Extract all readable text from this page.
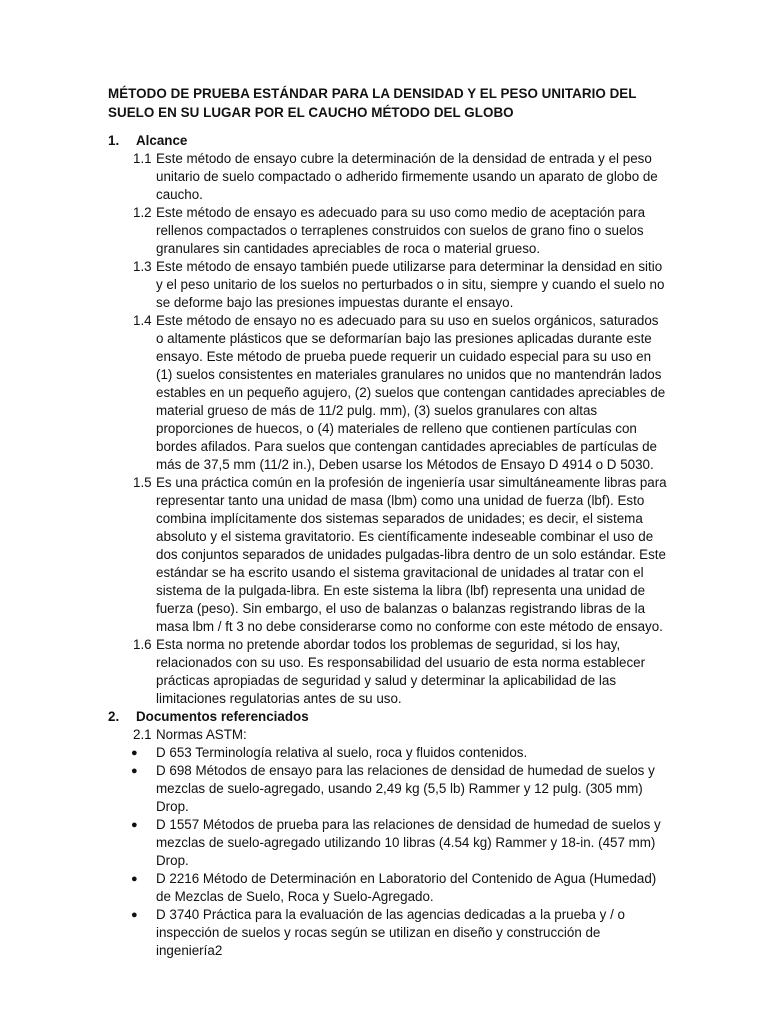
MÉTODO DE PRUEBA ESTÁNDAR PARA LA DENSIDAD Y EL PESO UNITARIO DEL SUELO EN SU LUGAR POR EL CAUCHO MÉTODO DEL GLOBO
1.	Alcance
1.1 Este método de ensayo cubre la determinación de la densidad de entrada y el peso unitario de suelo compactado o adherido firmemente usando un aparato de globo de caucho.
1.2 Este método de ensayo es adecuado para su uso como medio de aceptación para rellenos compactados o terraplenes construidos con suelos de grano fino o suelos granulares sin cantidades apreciables de roca o material grueso.
1.3 Este método de ensayo también puede utilizarse para determinar la densidad en sitio y el peso unitario de los suelos no perturbados o in situ, siempre y cuando el suelo no se deforme bajo las presiones impuestas durante el ensayo.
1.4 Este método de ensayo no es adecuado para su uso en suelos orgánicos, saturados o altamente plásticos que se deformarían bajo las presiones aplicadas durante este ensayo. Este método de prueba puede requerir un cuidado especial para su uso en (1) suelos consistentes en materiales granulares no unidos que no mantendrán lados estables en un pequeño agujero, (2) suelos que contengan cantidades apreciables de material grueso de más de 11/2 pulg. mm), (3) suelos granulares con altas proporciones de huecos, o (4) materiales de relleno que contienen partículas con bordes afilados. Para suelos que contengan cantidades apreciables de partículas de más de 37,5 mm (11/2 in.), Deben usarse los Métodos de Ensayo D 4914 o D 5030.
1.5 Es una práctica común en la profesión de ingeniería usar simultáneamente libras para representar tanto una unidad de masa (lbm) como una unidad de fuerza (lbf). Esto combina implícitamente dos sistemas separados de unidades; es decir, el sistema absoluto y el sistema gravitatorio. Es científicamente indeseable combinar el uso de dos conjuntos separados de unidades pulgadas-libra dentro de un solo estándar. Este estándar se ha escrito usando el sistema gravitacional de unidades al tratar con el sistema de la pulgada-libra. En este sistema la libra (lbf) representa una unidad de fuerza (peso). Sin embargo, el uso de balanzas o balanzas registrando libras de la masa lbm / ft 3 no debe considerarse como no conforme con este método de ensayo.
1.6 Esta norma no pretende abordar todos los problemas de seguridad, si los hay, relacionados con su uso. Es responsabilidad del usuario de esta norma establecer prácticas apropiadas de seguridad y salud y determinar la aplicabilidad de las limitaciones regulatorias antes de su uso.
2.	Documentos referenciados
2.1 Normas ASTM:
●	D 653 Terminología relativa al suelo, roca y fluidos contenidos.
●	D 698 Métodos de ensayo para las relaciones de densidad de humedad de suelos y mezclas de suelo-agregado, usando 2,49 kg (5,5 lb) Rammer y 12 pulg. (305 mm) Drop.
●	D 1557 Métodos de prueba para las relaciones de densidad de humedad de suelos y mezclas de suelo-agregado utilizando 10 libras (4.54 kg) Rammer y 18-in. (457 mm) Drop.
●	D 2216 Método de Determinación en Laboratorio del Contenido de Agua (Humedad) de Mezclas de Suelo, Roca y Suelo-Agregado.
●	D 3740 Práctica para la evaluación de las agencias dedicadas a la prueba y / o inspección de suelos y rocas según se utilizan en diseño y construcción de ingeniería2
